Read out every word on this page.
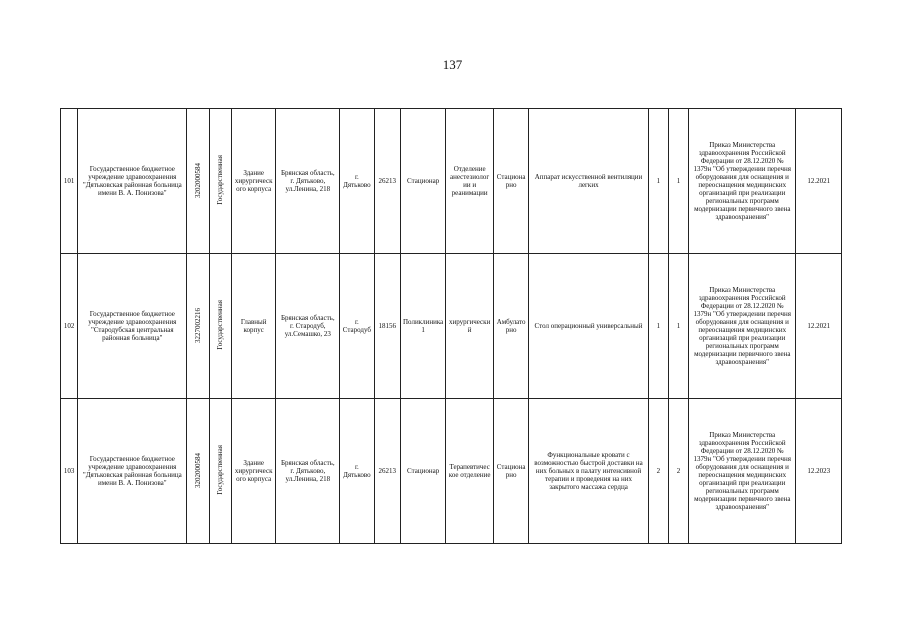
137
101	Государственное бюджетное учреждение здравоохранения "Дятьковская районная больница имени В. А. Понизова"	3202000584	Государственная	Здание хирургического корпуса	Брянская область, г. Дятьково, ул.Ленина, 218	г. Дятьково	26213	Стационар	Отделение анестезиологии и реанимации	Стационарно	Аппарат искусственной вентиляции легких	1	1	Приказ Министерства здравоохранения Российской Федерации от 28.12.2020 № 1379н "Об утверждении перечня оборудования для оснащения и переоснащения медицинских организаций при реализации региональных программ модернизации первичного звена здравоохранения"	12.2021
102	Государственное бюджетное учреждение здравоохранения "Стародубская центральная районная больница"	3227002216	Государственная	Главный корпус	Брянская область, г. Стародуб, ул.Семашко, 23	г. Стародуб	18156	Поликлиника 1	хирургический	Амбулаторно	Стол операционный универсальный	1	1	Приказ Министерства здравоохранения Российской Федерации от 28.12.2020 № 1379н "Об утверждении перечня оборудования для оснащения и переоснащения медицинских организаций при реализации региональных программ модернизации первичного звена здравоохранения"	12.2021
103	Государственное бюджетное учреждение здравоохранения "Дятьковская районная больница имени В. А. Понизова"	3202000584	Государственная	Здание хирургического корпуса	Брянская область, г. Дятьково, ул.Ленина, 218	г. Дятьково	26213	Стационар	Терапевтическое отделение	Стационарно	Функциональные кровати с возможностью быстрой доставки на них больных в палату интенсивной терапии и проведения на них закрытого массажа сердца	2	2	Приказ Министерства здравоохранения Российской Федерации от 28.12.2020 № 1379н "Об утверждении перечня оборудования для оснащения и переоснащения медицинских организаций при реализации региональных программ модернизации первичного звена здравоохранения"	12.2023
